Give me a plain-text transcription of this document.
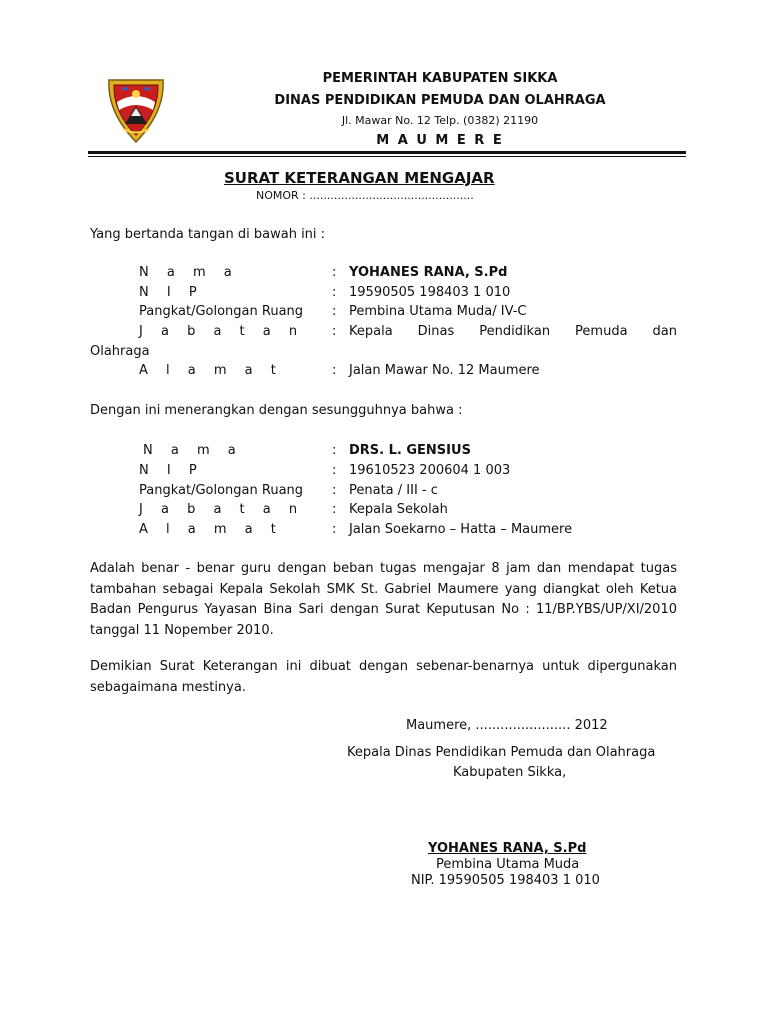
PEMERINTAH KABUPATEN SIKKA
DINAS PENDIDIKAN PEMUDA DAN OLAHRAGA
Jl. Mawar No. 12 Telp. (0382) 21190
M A U M E R E
SURAT KETERANGAN MENGAJAR
NOMOR : ...............................................
Yang bertanda tangan di bawah ini :
N a m a	: YOHANES RANA, S.Pd
N I P	: 19590505 198403 1 010
Pangkat/Golongan Ruang : Pembina Utama Muda/ IV-C
J a b a t a n : Kepala Dinas Pendidikan Pemuda dan
Olahraga
A l a m a t	: Jalan Mawar No. 12 Maumere
Dengan ini menerangkan dengan sesungguhnya bahwa :
N a m a	: DRS. L. GENSIUS
N I P	: 19610523 200604 1 003
Pangkat/Golongan Ruang : Penata / III - c
J a b a t a n : Kepala Sekolah
A l a m a t	: Jalan Soekarno – Hatta – Maumere
Adalah benar - benar guru dengan beban tugas mengajar 8 jam dan mendapat tugas tambahan sebagai Kepala Sekolah SMK St. Gabriel Maumere yang diangkat oleh Ketua Badan Pengurus Yayasan Bina Sari dengan Surat Keputusan No : 11/BP.YBS/UP/XI/2010 tanggal 11 Nopember 2010.
Demikian Surat Keterangan ini dibuat dengan sebenar-benarnya untuk dipergunakan sebagaimana mestinya.
Maumere, ....................... 2012
Kepala Dinas Pendidikan Pemuda dan Olahraga
Kabupaten Sikka,
YOHANES RANA, S.Pd
Pembina Utama Muda
NIP. 19590505 198403 1 010
